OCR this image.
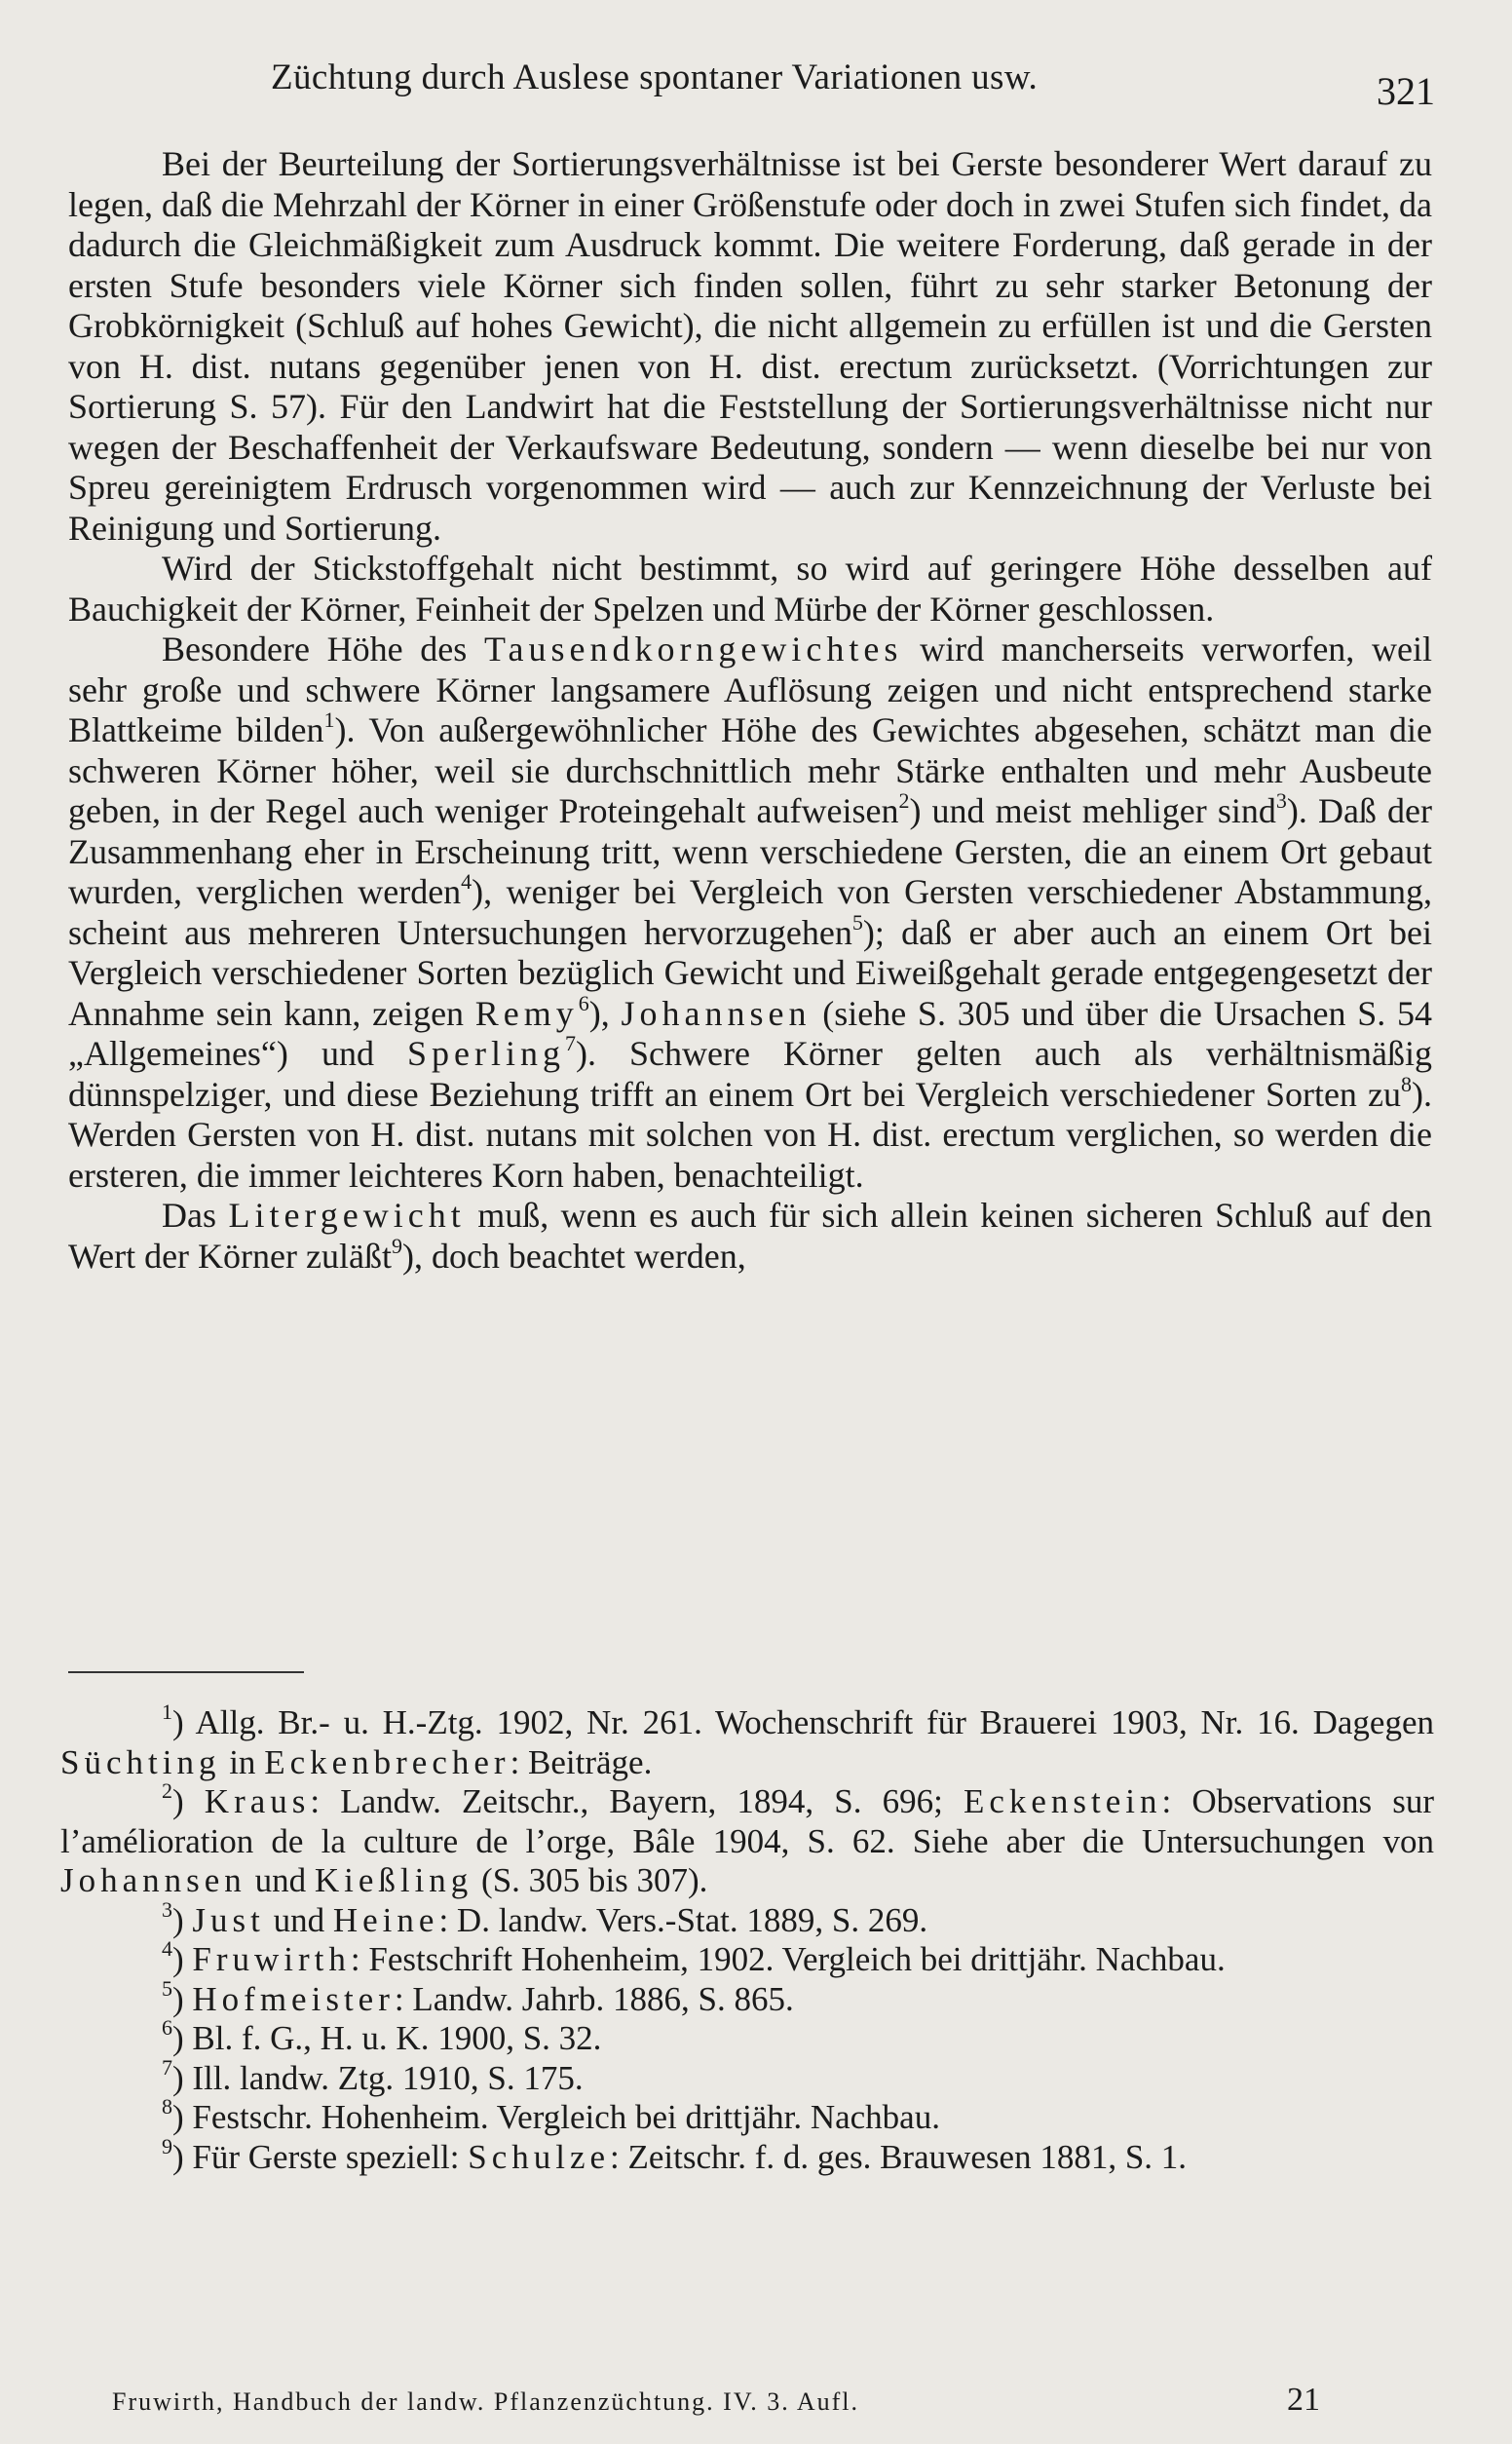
Züchtung durch Auslese spontaner Variationen usw.	321

Bei der Beurteilung der Sortierungsverhältnisse ist bei Gerste besonderer Wert darauf zu legen, daß die Mehrzahl der Körner in einer Größenstufe oder doch in zwei Stufen sich findet, da dadurch die Gleichmäßigkeit zum Ausdruck kommt. Die weitere Forderung, daß gerade in der ersten Stufe besonders viele Körner sich finden sollen, führt zu sehr starker Betonung der Grobkörnigkeit (Schluß auf hohes Gewicht), die nicht allgemein zu erfüllen ist und die Gersten von H. dist. nutans gegenüber jenen von H. dist. erectum zurücksetzt. (Vorrichtungen zur Sortierung S. 57). Für den Landwirt hat die Feststellung der Sortierungsverhältnisse nicht nur wegen der Beschaffenheit der Verkaufsware Bedeutung, sondern — wenn dieselbe bei nur von Spreu gereinigtem Erdrusch vorgenommen wird — auch zur Kennzeichnung der Verluste bei Reinigung und Sortierung.

Wird der Stickstoffgehalt nicht bestimmt, so wird auf geringere Höhe desselben auf Bauchigkeit der Körner, Feinheit der Spelzen und Mürbe der Körner geschlossen.

Besondere Höhe des Tausendkorngewichtes wird mancherseits verworfen, weil sehr große und schwere Körner langsamere Auflösung zeigen und nicht entsprechend starke Blattkeime bilden$^1$). Von außergewöhnlicher Höhe des Gewichtes abgesehen, schätzt man die schweren Körner höher, weil sie durchschnittlich mehr Stärke enthalten und mehr Ausbeute geben, in der Regel auch weniger Proteingehalt aufweisen$^2$) und meist mehliger sind$^3$). Daß der Zusammenhang eher in Erscheinung tritt, wenn verschiedene Gersten, die an einem Ort gebaut wurden, verglichen werden$^4$), weniger bei Vergleich von Gersten verschiedener Abstammung, scheint aus mehreren Untersuchungen hervorzugehen$^5$); daß er aber auch an einem Ort bei Vergleich verschiedener Sorten bezüglich Gewicht und Eiweißgehalt gerade entgegengesetzt der Annahme sein kann, zeigen Remy$^6$), Johannsen (siehe S. 305 und über die Ursachen S. 54 „Allgemeines“) und Sperling$^7$). Schwere Körner gelten auch als verhältnismäßig dünnspelziger, und diese Beziehung trifft an einem Ort bei Vergleich verschiedener Sorten $zu^8$). Werden Gersten von H. dist. nutans mit solchen von H. dist. erectum verglichen, so werden die ersteren, die immer leichteres Korn haben, benachteiligt.

Das Litergewicht muß, wenn es auch für sich allein keinen sicheren Schluß auf den Wert der Körner zuläßt$^9$), doch beachtet werden,

$^1$) Allg. Br.- u. H.-Ztg. 1902, Nr. 261. Wochenschrift für Brauerei 1903, Nr. 16. Dagegen Süchting in Eckenbrecher: Beiträge.

$^2$) Kraus: Landw. Zeitschr., Bayern, 1894, S. 696; Eckenstein: Observations sur l’amélioration de la culture de l’orge, Bâle 1904, S. 62. Siehe aber die Untersuchungen von Johannsen und Kießling (S. 305 bis 307).

$^3$) Just und Heine: D. landw. Vers.-Stat. 1889, S. 269.

$^4$) Fruwirth: Festschrift Hohenheim, 1902. Vergleich bei drittjähr. Nachbau.

$^5$) Hofmeister: Landw. Jahrb. 1886, S. 865.

$^6$) Bl. f. G., H. u. K. 1900, S. 32.

$^7$) Ill. landw. Ztg. 1910, S. 175.

$^8$) Festschr. Hohenheim. Vergleich bei drittjähr. Nachbau.

$^9$) Für Gerste speziell: Schulze: Zeitschr. f. d. ges. Brauwesen 1881, S. 1.

Fruwirth, Handbuch der landw. Pflanzenzüchtung. IV. 3. Aufl.	21
